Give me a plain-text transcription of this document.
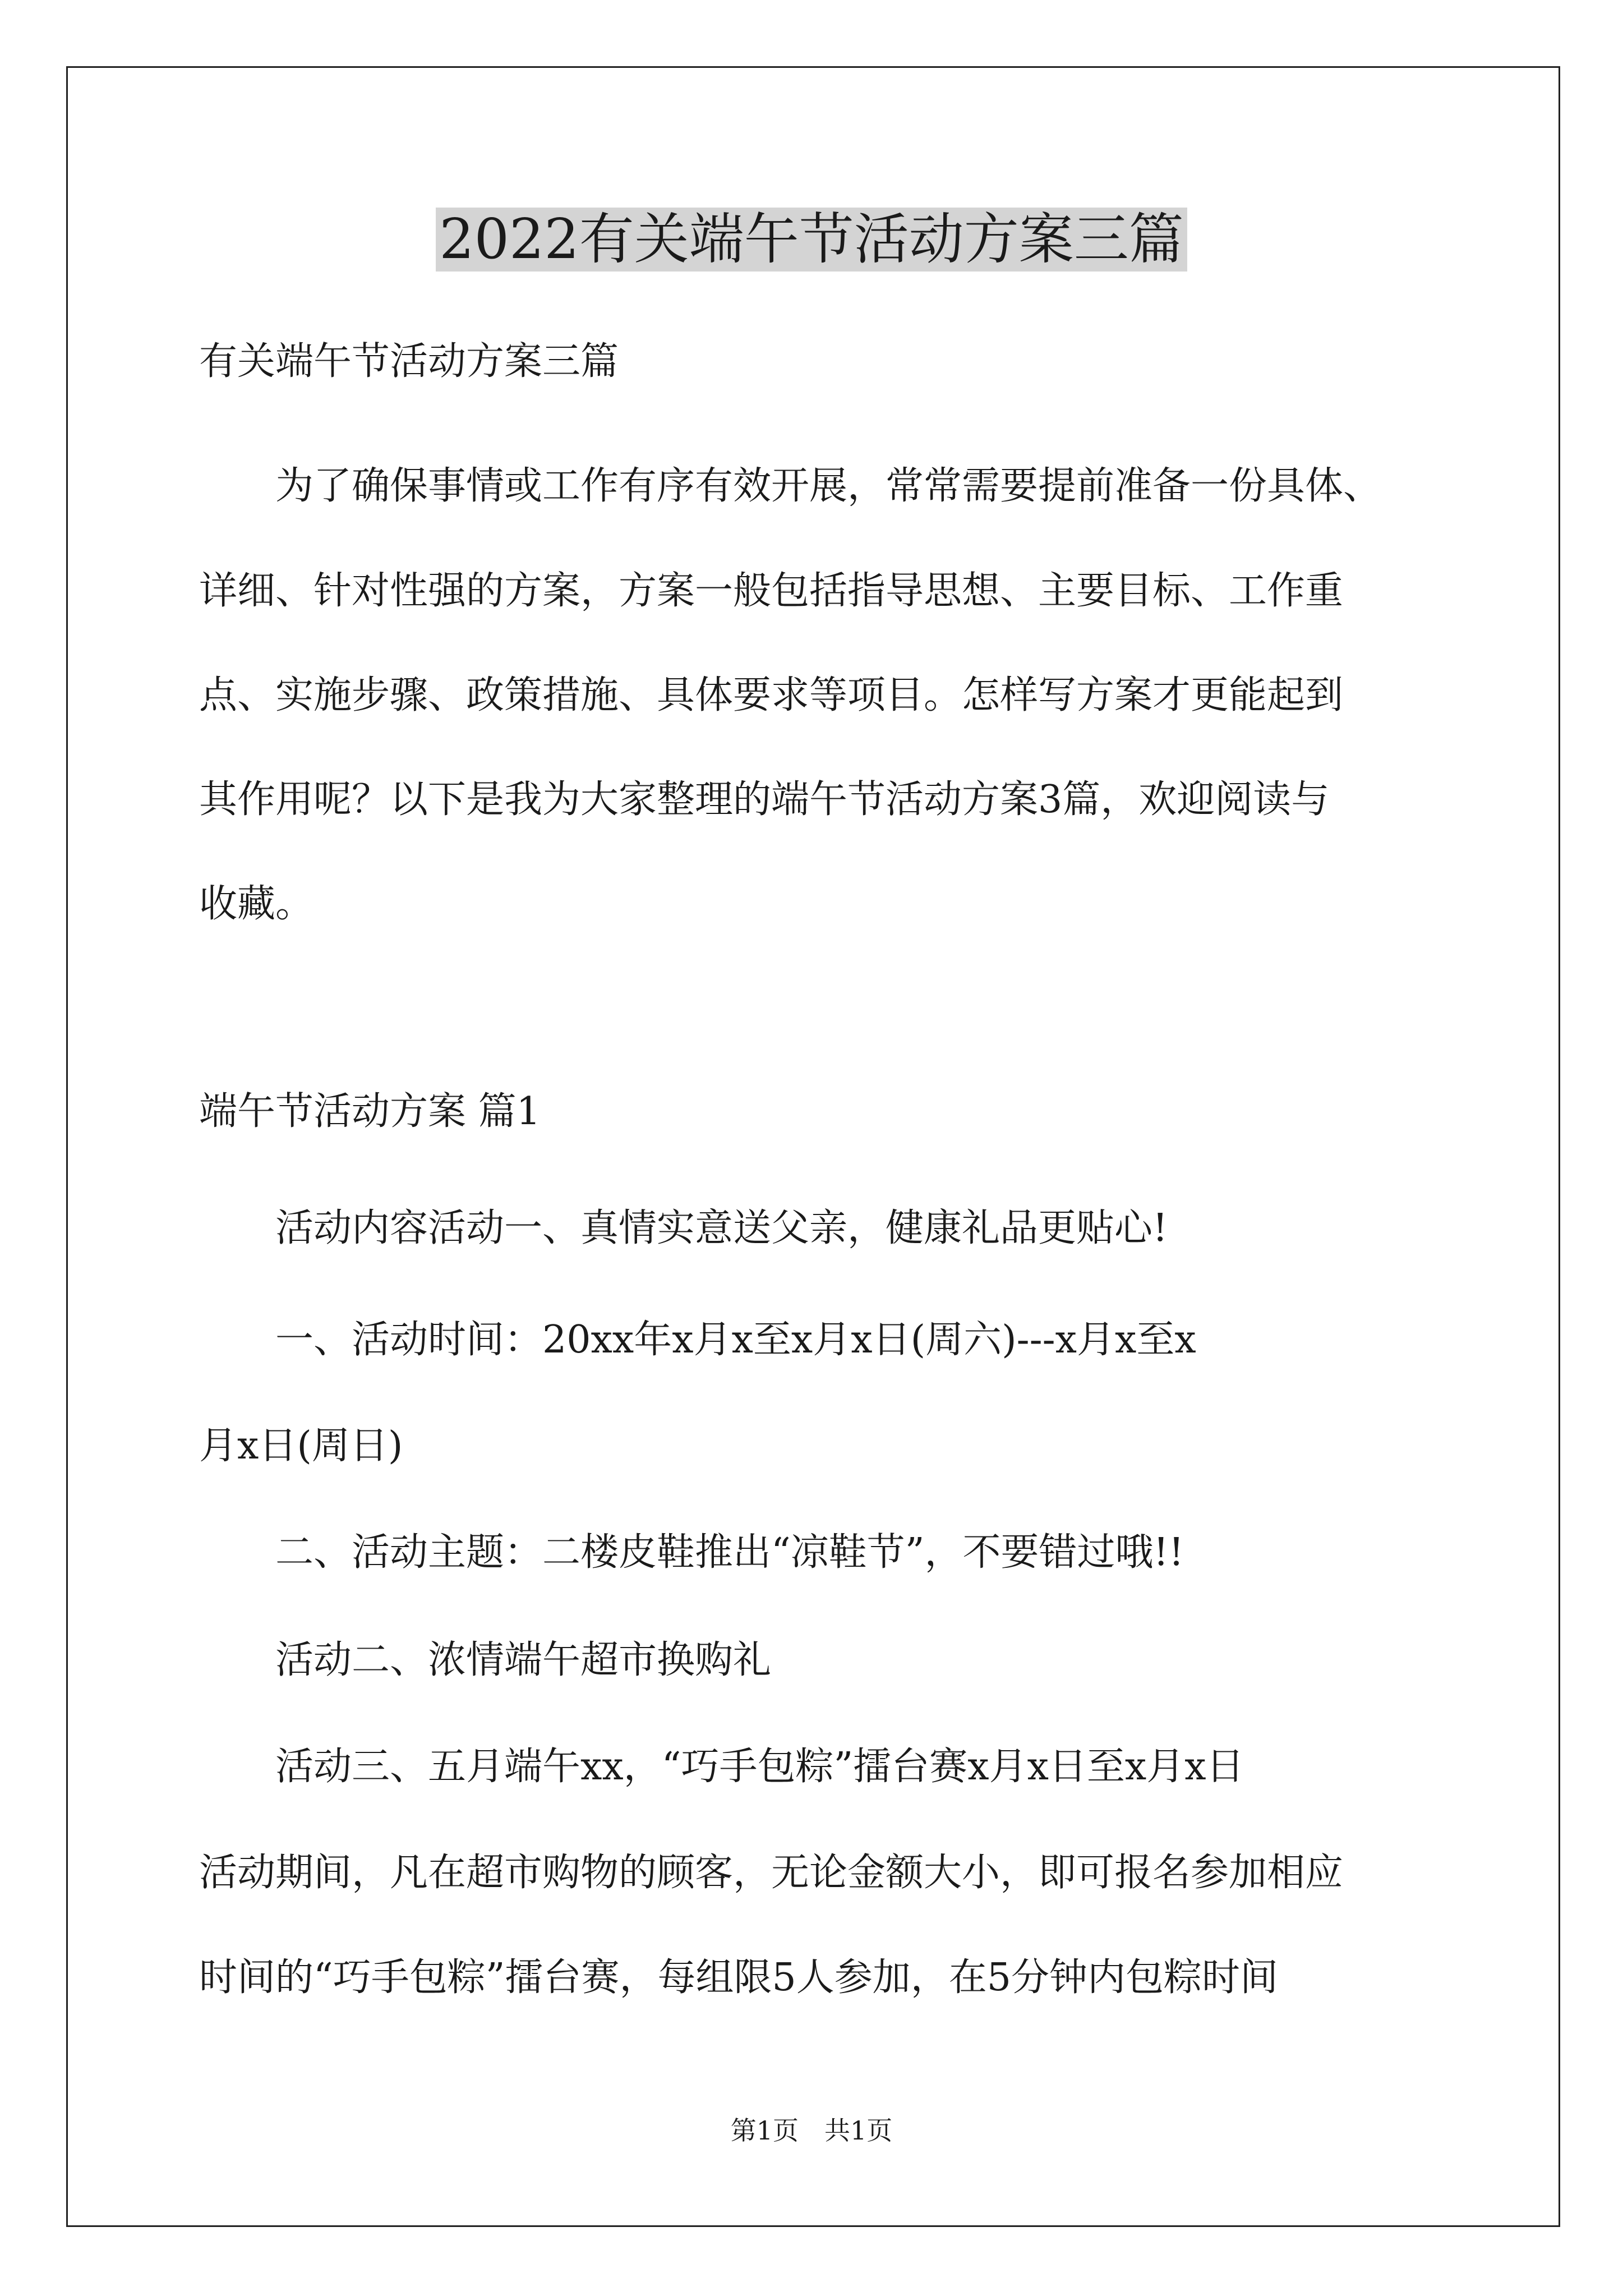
2022有关端午节活动方案三篇

有关端午节活动方案三篇

　　为了确保事情或工作有序有效开展，常常需要提前准备一份具体、

详细、针对性强的方案，方案一般包括指导思想、主要目标、工作重

点、实施步骤、政策措施、具体要求等项目。怎样写方案才更能起到

其作用呢？以下是我为大家整理的端午节活动方案3篇，欢迎阅读与

收藏。

端午节活动方案 篇1

　　活动内容活动一、真情实意送父亲，健康礼品更贴心!

　　一、活动时间：20xx年x月x至x月x日(周六)---x月x至x

月x日(周日)

　　二、活动主题：二楼皮鞋推出“凉鞋节”，不要错过哦!!

　　活动二、浓情端午超市换购礼

　　活动三、五月端午xx，“巧手包粽”擂台赛x月x日至x月x日

活动期间，凡在超市购物的顾客，无论金额大小，即可报名参加相应

时间的“巧手包粽”擂台赛，每组限5人参加，在5分钟内包粽时间

第1页　共1页
